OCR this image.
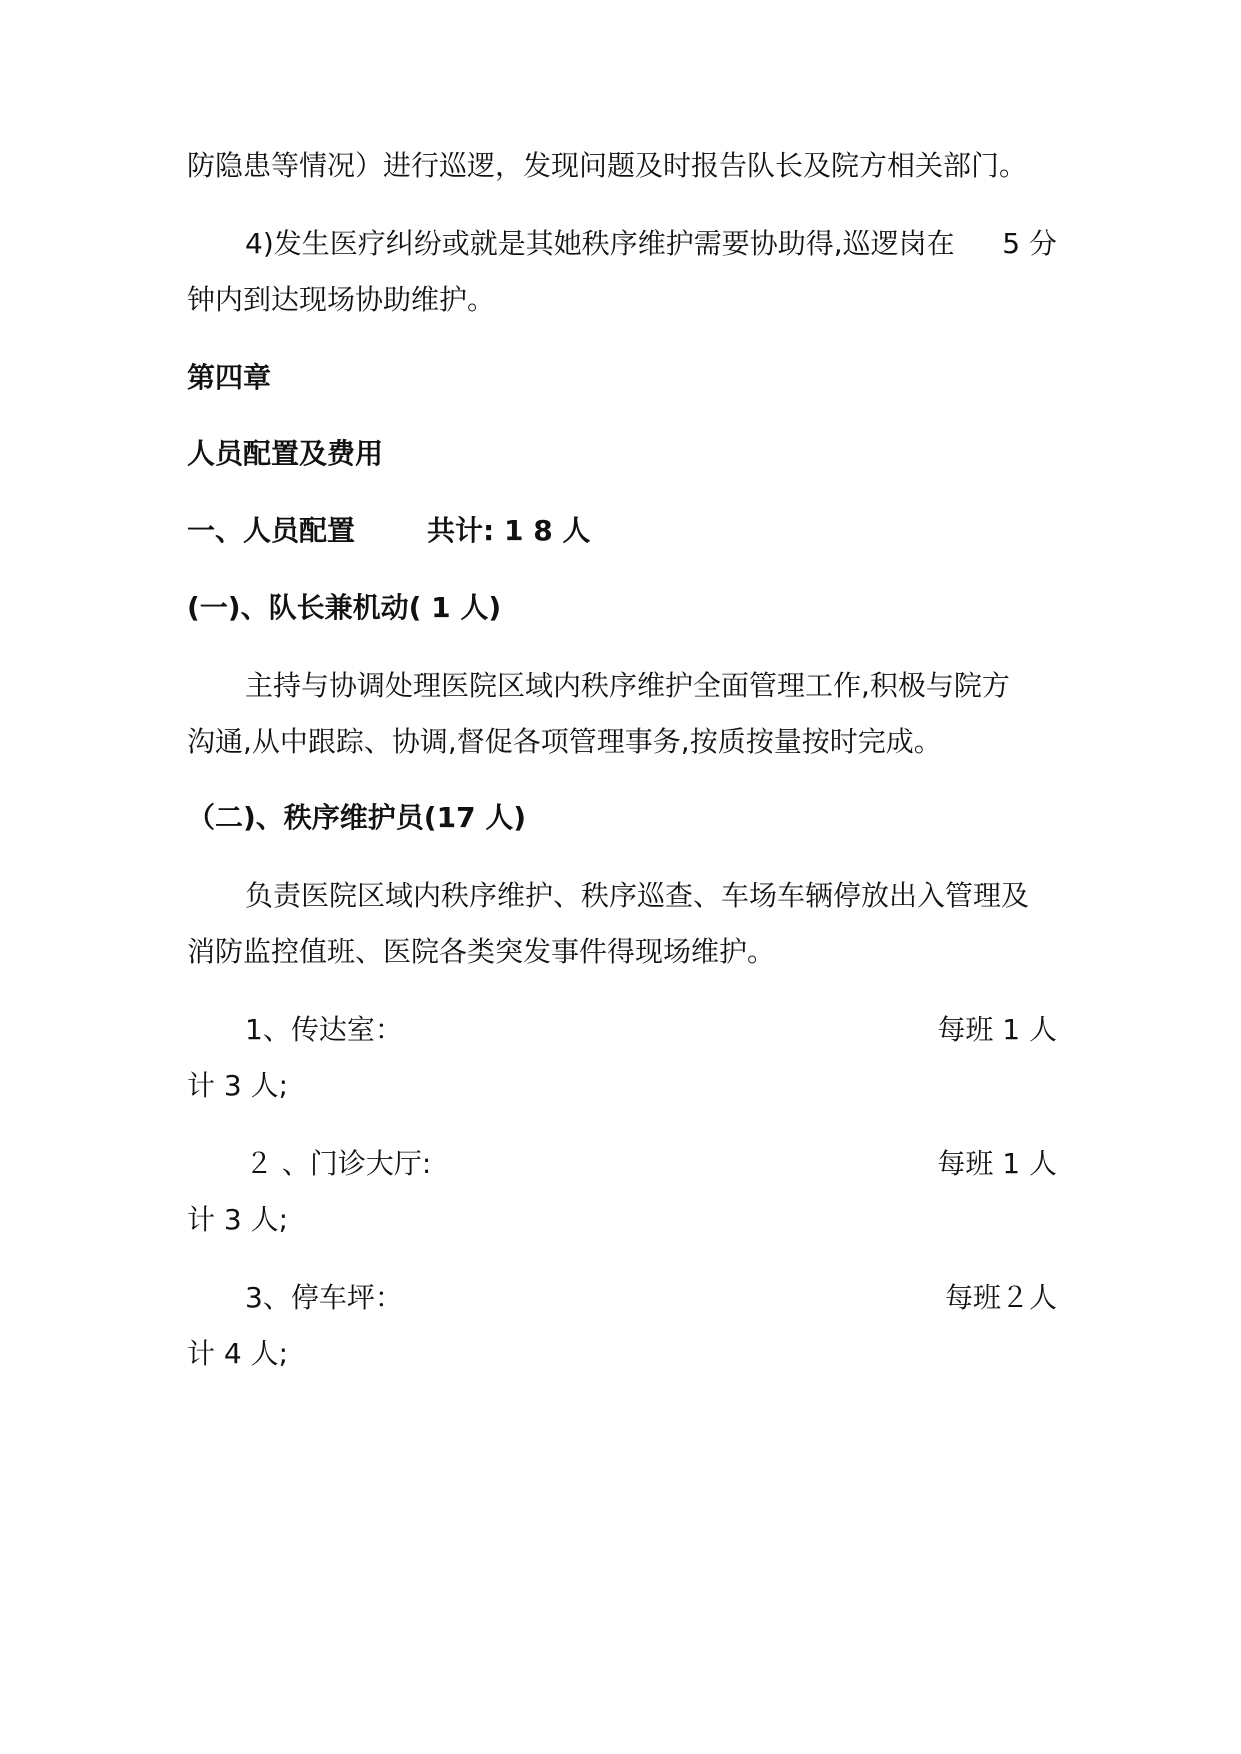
防隐患等情况）进行巡逻，发现问题及时报告队长及院方相关部门。
4)发生医疗纠纷或就是其她秩序维护需要协助得,巡逻岗在 5 分
钟内到达现场协助维护。
第四章
人员配置及费用
一、人员配置	共计: 1 8 人
(一)、队长兼机动( 1 人)
主持与协调处理医院区域内秩序维护全面管理工作,积极与院方
沟通,从中跟踪、协调,督促各项管理事务,按质按量按时完成。
（二)、秩序维护员(17 人)
负责医院区域内秩序维护、秩序巡查、车场车辆停放出入管理及
消防监控值班、医院各类突发事件得现场维护。
1、传达室：	每班 1 人
计 3 人;
２ 、门诊大厅:	每班 1 人
计 3 人;
3、停车坪：	每班２人
计 4 人;
